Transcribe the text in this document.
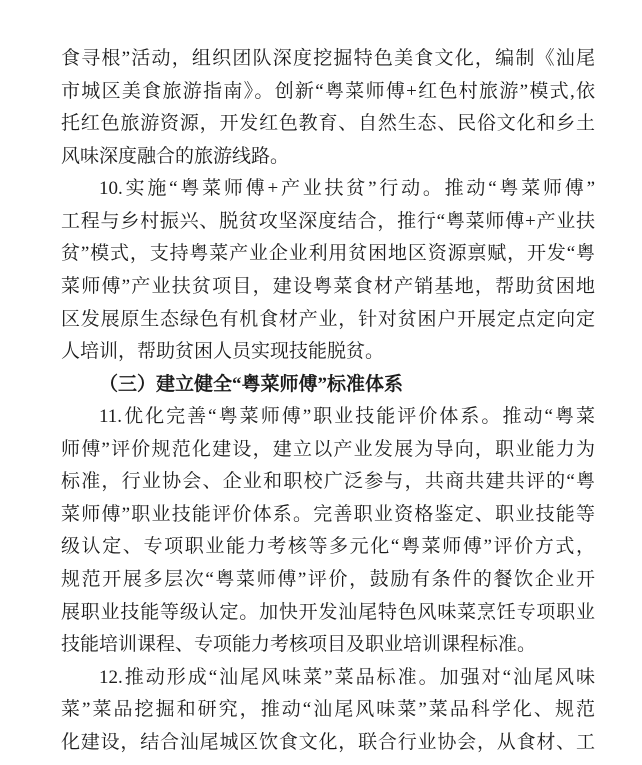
食寻根”活动，组织团队深度挖掘特色美食文化，编制《汕尾
市城区美食旅游指南》。创新“粤菜师傅+红色村旅游”模式,依
托红色旅游资源，开发红色教育、自然生态、民俗文化和乡土
风味深度融合的旅游线路。
10.实施“粤菜师傅+产业扶贫”行动。推动“粤菜师傅”
工程与乡村振兴、脱贫攻坚深度结合，推行“粤菜师傅+产业扶
贫”模式，支持粤菜产业企业利用贫困地区资源禀赋，开发“粤
菜师傅”产业扶贫项目，建设粤菜食材产销基地，帮助贫困地
区发展原生态绿色有机食材产业，针对贫困户开展定点定向定
人培训，帮助贫困人员实现技能脱贫。
（三）建立健全“粤菜师傅”标准体系
11.优化完善“粤菜师傅”职业技能评价体系。推动“粤菜
师傅”评价规范化建设，建立以产业发展为导向，职业能力为
标准，行业协会、企业和职校广泛参与，共商共建共评的“粤
菜师傅”职业技能评价体系。完善职业资格鉴定、职业技能等
级认定、专项职业能力考核等多元化“粤菜师傅”评价方式，
规范开展多层次“粤菜师傅”评价，鼓励有条件的餐饮企业开
展职业技能等级认定。加快开发汕尾特色风味菜烹饪专项职业
技能培训课程、专项能力考核项目及职业培训课程标准。
12.推动形成“汕尾风味菜”菜品标准。加强对“汕尾风味
菜”菜品挖掘和研究，推动“汕尾风味菜”菜品科学化、规范
化建设，结合汕尾城区饮食文化，联合行业协会，从食材、工
